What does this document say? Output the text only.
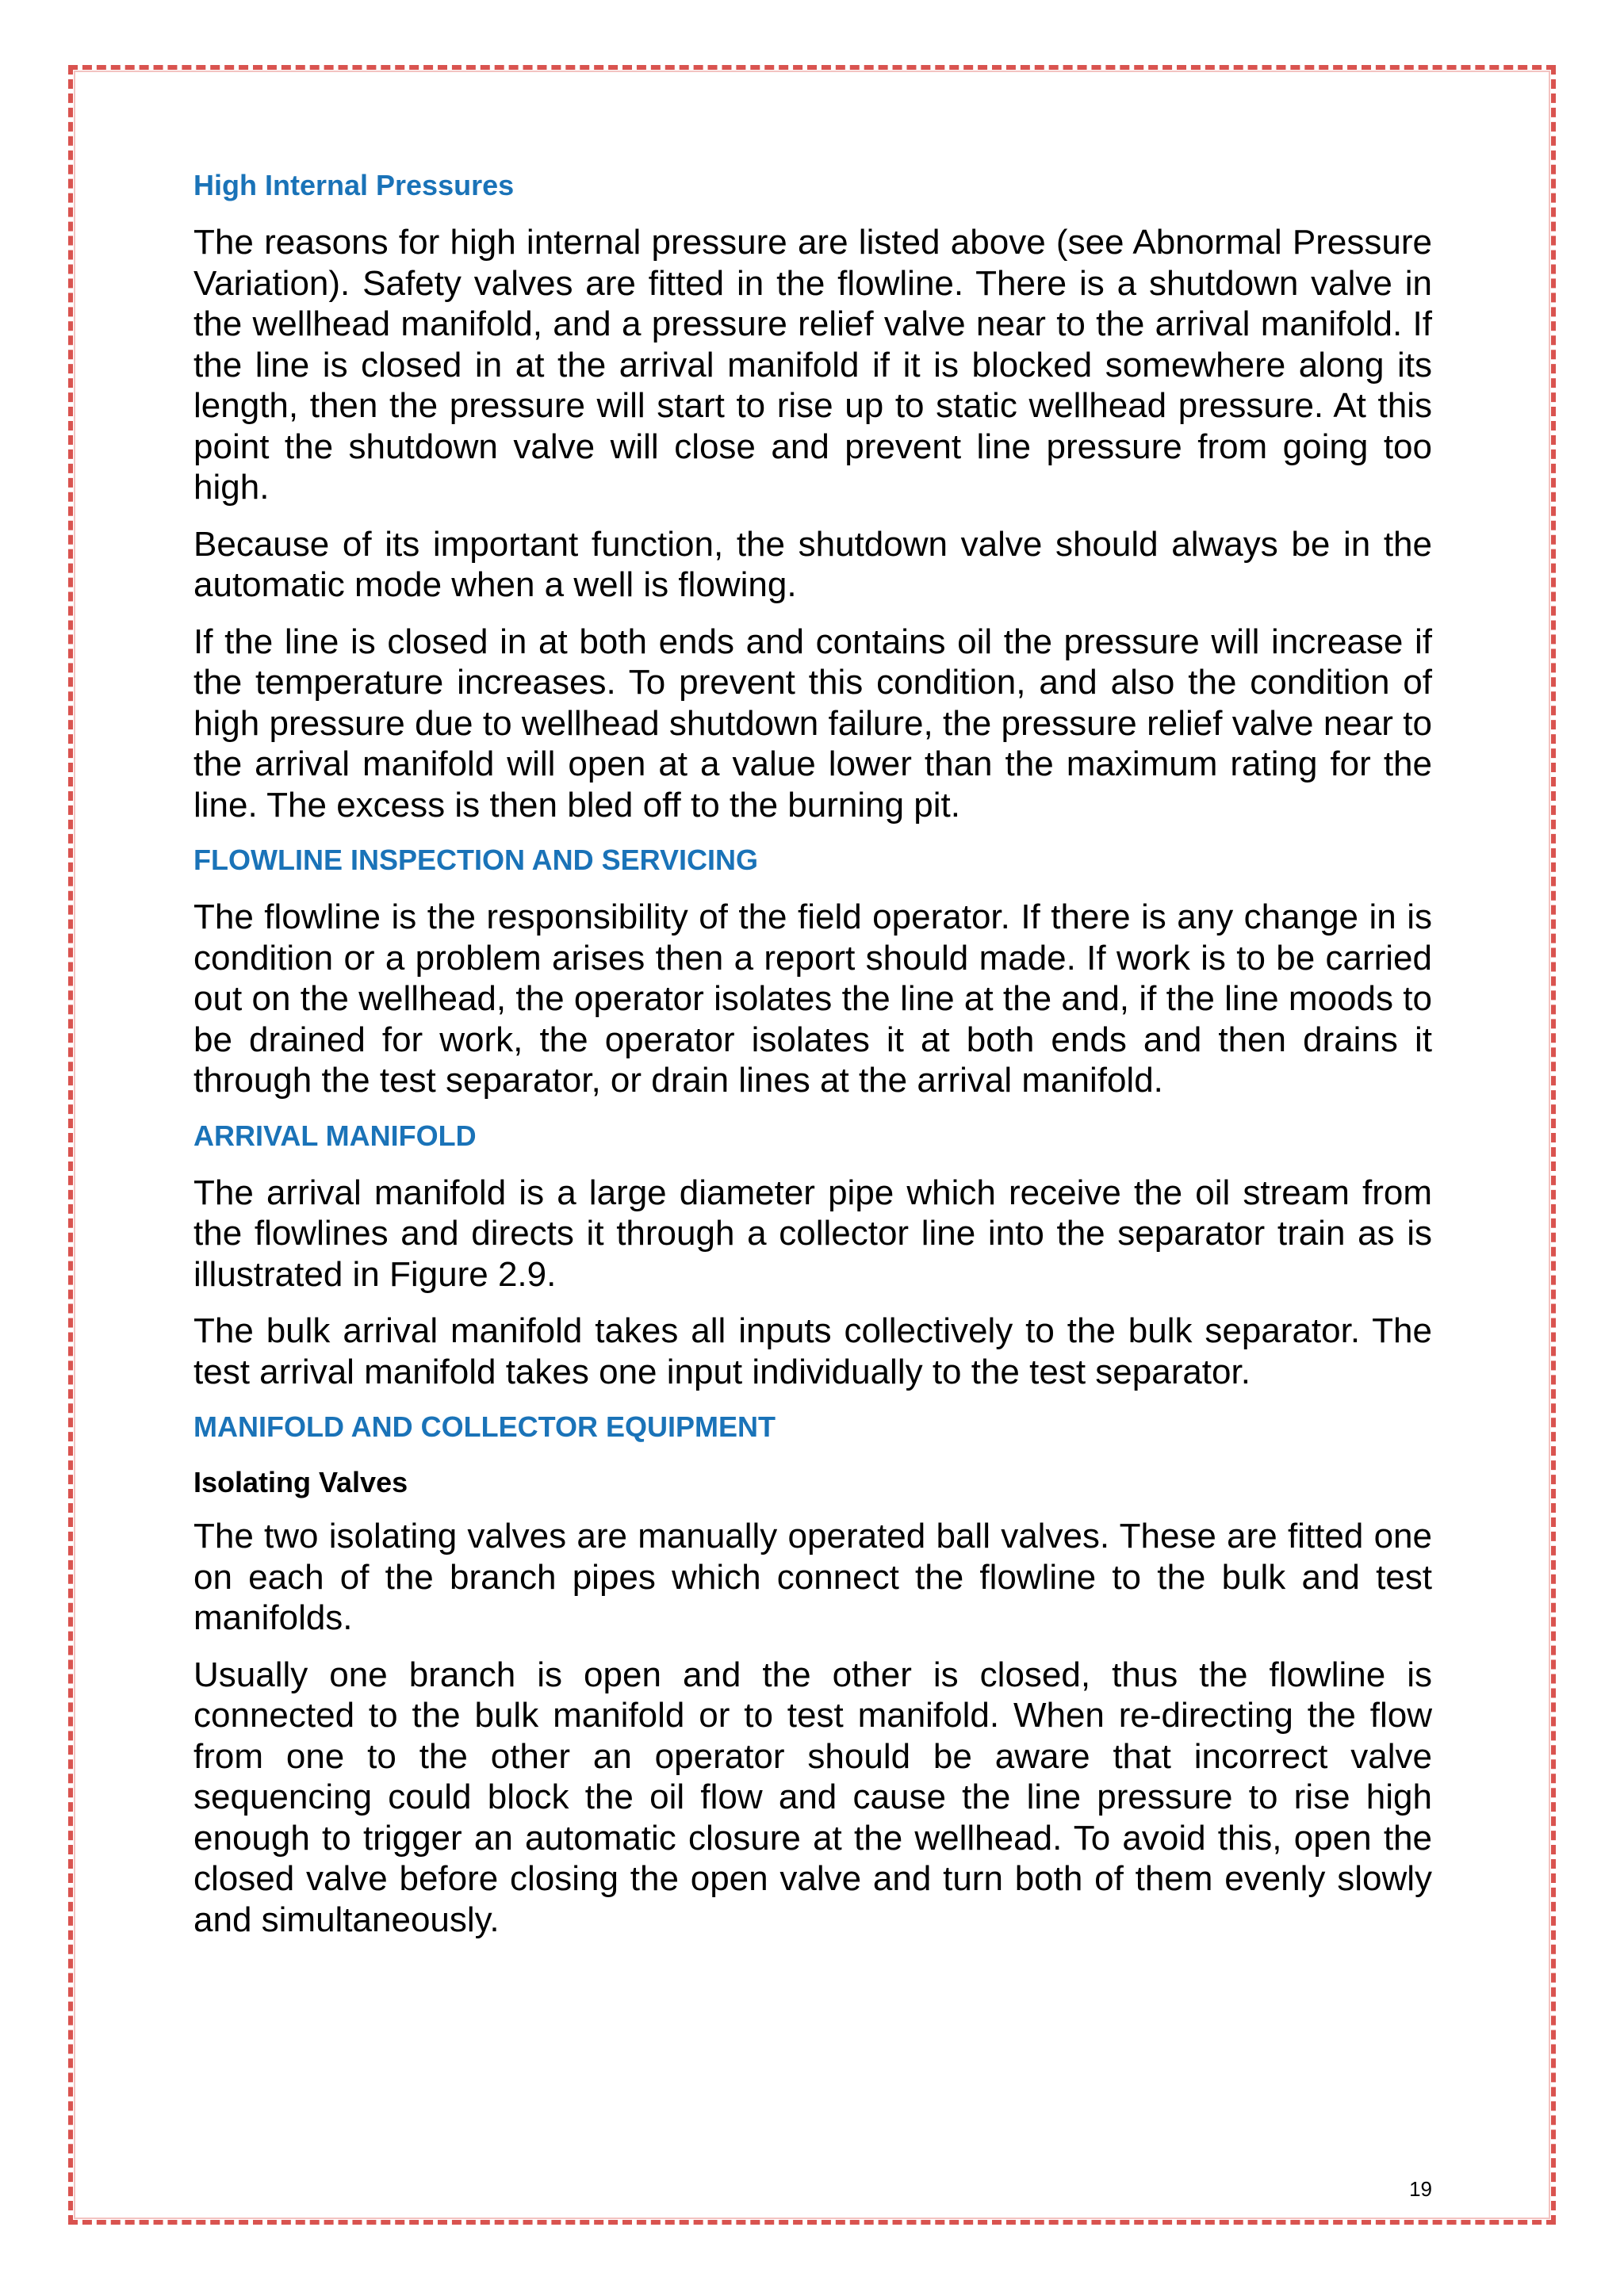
High Internal Pressures

The reasons for high internal pressure are listed above (see Abnormal Pressure Variation). Safety valves are fitted in the flowline. There is a shutdown valve in the wellhead manifold, and a pressure relief valve near to the arrival manifold. If the line is closed in at the arrival manifold if it is blocked somewhere along its length, then the pressure will start to rise up to static wellhead pressure. At this point the shutdown valve will close and prevent line pressure from going too high.

Because of its important function, the shutdown valve should always be in the automatic mode when a well is flowing.

If the line is closed in at both ends and contains oil the pressure will increase if the temperature increases. To prevent this condition, and also the condition of high pressure due to wellhead shutdown failure, the pressure relief valve near to the arrival manifold will open at a value lower than the maximum rating for the line. The excess is then bled off to the burning pit.

FLOWLINE INSPECTION AND SERVICING

The flowline is the responsibility of the field operator. If there is any change in is condition or a problem arises then a report should made. If work is to be carried out on the wellhead, the operator isolates the line at the and, if the line moods to be drained for work, the operator isolates it at both ends and then drains it through the test separator, or drain lines at the arrival manifold.

ARRIVAL MANIFOLD

The arrival manifold is a large diameter pipe which receive the oil stream from the flowlines and directs it through a collector line into the separator train as is illustrated in Figure 2.9.

The bulk arrival manifold takes all inputs collectively to the bulk separator. The test arrival manifold takes one input individually to the test separator.

MANIFOLD AND COLLECTOR EQUIPMENT
Isolating Valves

The two isolating valves are manually operated ball valves. These are fitted one on each of the branch pipes which connect the flowline to the bulk and test manifolds.

Usually one branch is open and the other is closed, thus the flowline is connected to the bulk manifold or to test manifold. When re-directing the flow from one to the other an operator should be aware that incorrect valve sequencing could block the oil flow and cause the line pressure to rise high enough to trigger an automatic closure at the wellhead. To avoid this, open the closed valve before closing the open valve and turn both of them evenly slowly and simultaneously.

19
